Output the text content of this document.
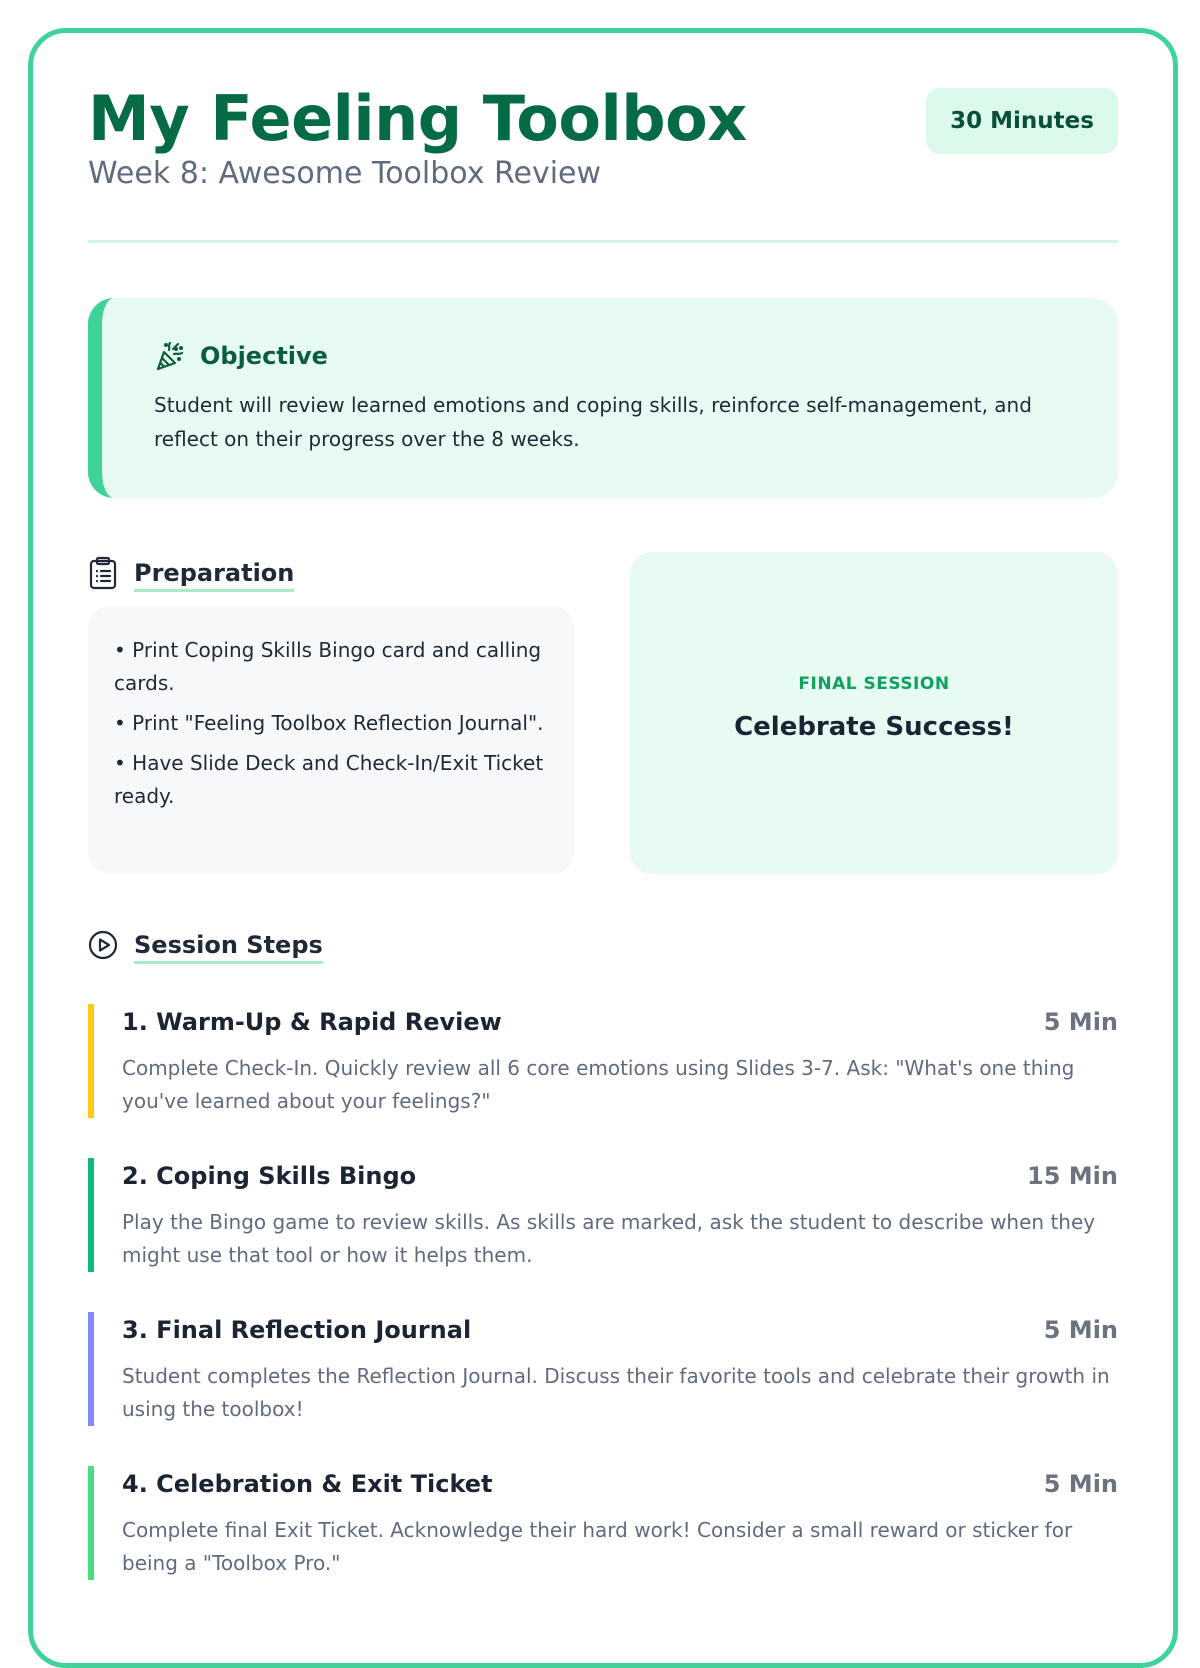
My Feeling Toolbox

Week 8: Awesome Toolbox Review

30 Minutes
Objective

Student will review learned emotions and coping skills, reinforce self-management, and reflect on their progress over the 8 weeks.

Preparation

• Print Coping Skills Bingo card and calling cards.

• Print "Feeling Toolbox Reflection Journal".

• Have Slide Deck and Check-In/Exit Ticket ready.

FINAL SESSION
Celebrate Success!
Session Steps
1. Warm-Up & Rapid Review	5 Min

Complete Check-In. Quickly review all 6 core emotions using Slides 3-7. Ask: "What's one thing you've learned about your feelings?"

2. Coping Skills Bingo	15 Min

Play the Bingo game to review skills. As skills are marked, ask the student to describe when they might use that tool or how it helps them.

3. Final Reflection Journal	5 Min

Student completes the Reflection Journal. Discuss their favorite tools and celebrate their growth in using the toolbox!

4. Celebration & Exit Ticket	5 Min

Complete final Exit Ticket. Acknowledge their hard work! Consider a small reward or sticker for being a "Toolbox Pro."
